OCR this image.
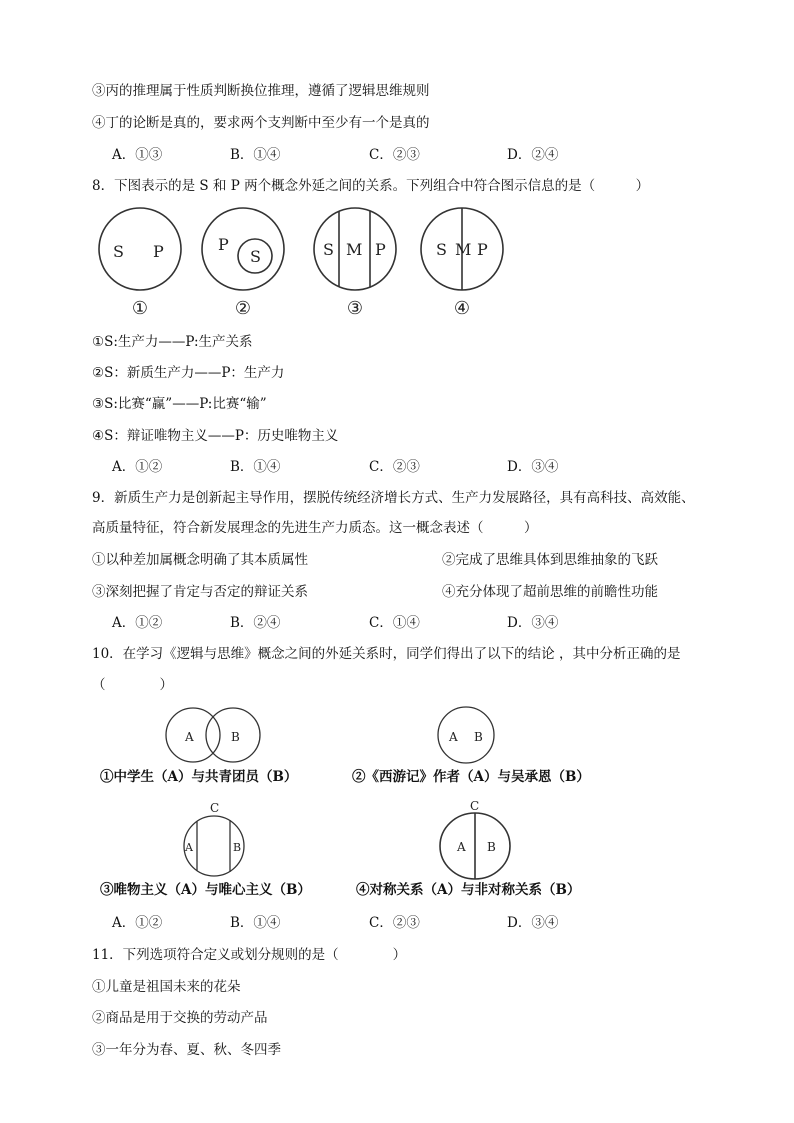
③丙的推理属于性质判断换位推理，遵循了逻辑思维规则
④丁的论断是真的，要求两个支判断中至少有一个是真的
A．①③	B．①④	C．②③	D．②④
8．下图表示的是 S 和 P 两个概念外延之间的关系。下列组合中符合图示信息的是（　　　）
S P
①
P
S
②
S M P
③
S M P
④
①S:生产力——P:生产关系
②S：新质生产力——P：生产力
③S:比赛“赢”——P:比赛“输”
④S：辩证唯物主义——P：历史唯物主义
A．①②	B．①④	C．②③	D．③④
9．新质生产力是创新起主导作用，摆脱传统经济增长方式、生产力发展路径，具有高科技、高效能、
高质量特征，符合新发展理念的先进生产力质态。这一概念表述（　　　）
①以种差加属概念明确了其本质属性	②完成了思维具体到思维抽象的飞跃
③深刻把握了肯定与否定的辩证关系	④充分体现了超前思维的前瞻性功能
A．①②	B．②④	C．①④	D．③④
10．在学习《逻辑与思维》概念之间的外延关系时，同学们得出了以下的结论 ，其中分析正确的是
（　　　　）
A	B	A B
①中学生（A）与共青团员（B）	②《西游记》作者（A）与吴承恩（B）
C
A	B
C
A B
③唯物主义（A）与唯心主义（B）	④对称关系（A）与非对称关系（B）
A．①②	B．①④	C．②③	D．③④
11．下列选项符合定义或划分规则的是（　　　　）
①儿童是祖国未来的花朵
②商品是用于交换的劳动产品
③一年分为春、夏、秋、冬四季
